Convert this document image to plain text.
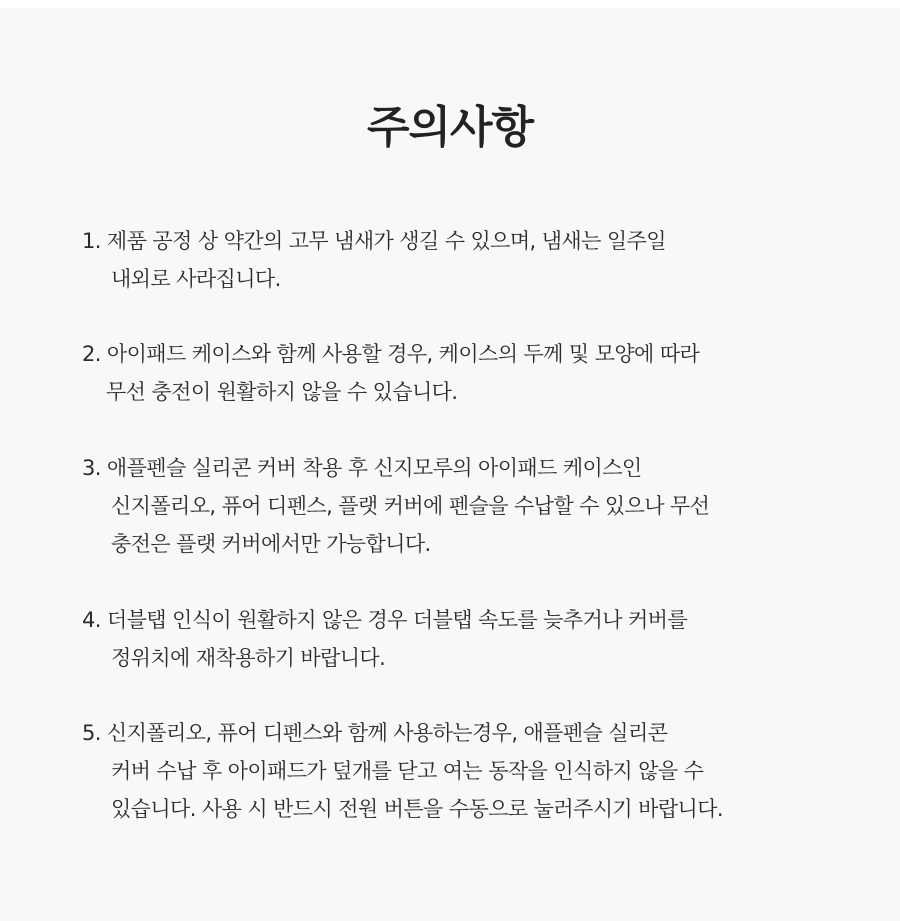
주의사항
1. 제품 공정 상 약간의 고무 냄새가 생길 수 있으며, 냄새는 일주일
내외로 사라집니다.
2. 아이패드 케이스와 함께 사용할 경우, 케이스의 두께 및 모양에 따라
무선 충전이 원활하지 않을 수 있습니다.
3. 애플펜슬 실리콘 커버 착용 후 신지모루의 아이패드 케이스인
신지폴리오, 퓨어 디펜스, 플랫 커버에 펜슬을 수납할 수 있으나 무선
충전은 플랫 커버에서만 가능합니다.
4. 더블탭 인식이 원활하지 않은 경우 더블탭 속도를 늦추거나 커버를
정위치에 재착용하기 바랍니다.
5. 신지폴리오, 퓨어 디펜스와 함께 사용하는경우, 애플펜슬 실리콘
커버 수납 후 아이패드가 덮개를 닫고 여는 동작을 인식하지 않을 수
있습니다. 사용 시 반드시 전원 버튼을 수동으로 눌러주시기 바랍니다.
